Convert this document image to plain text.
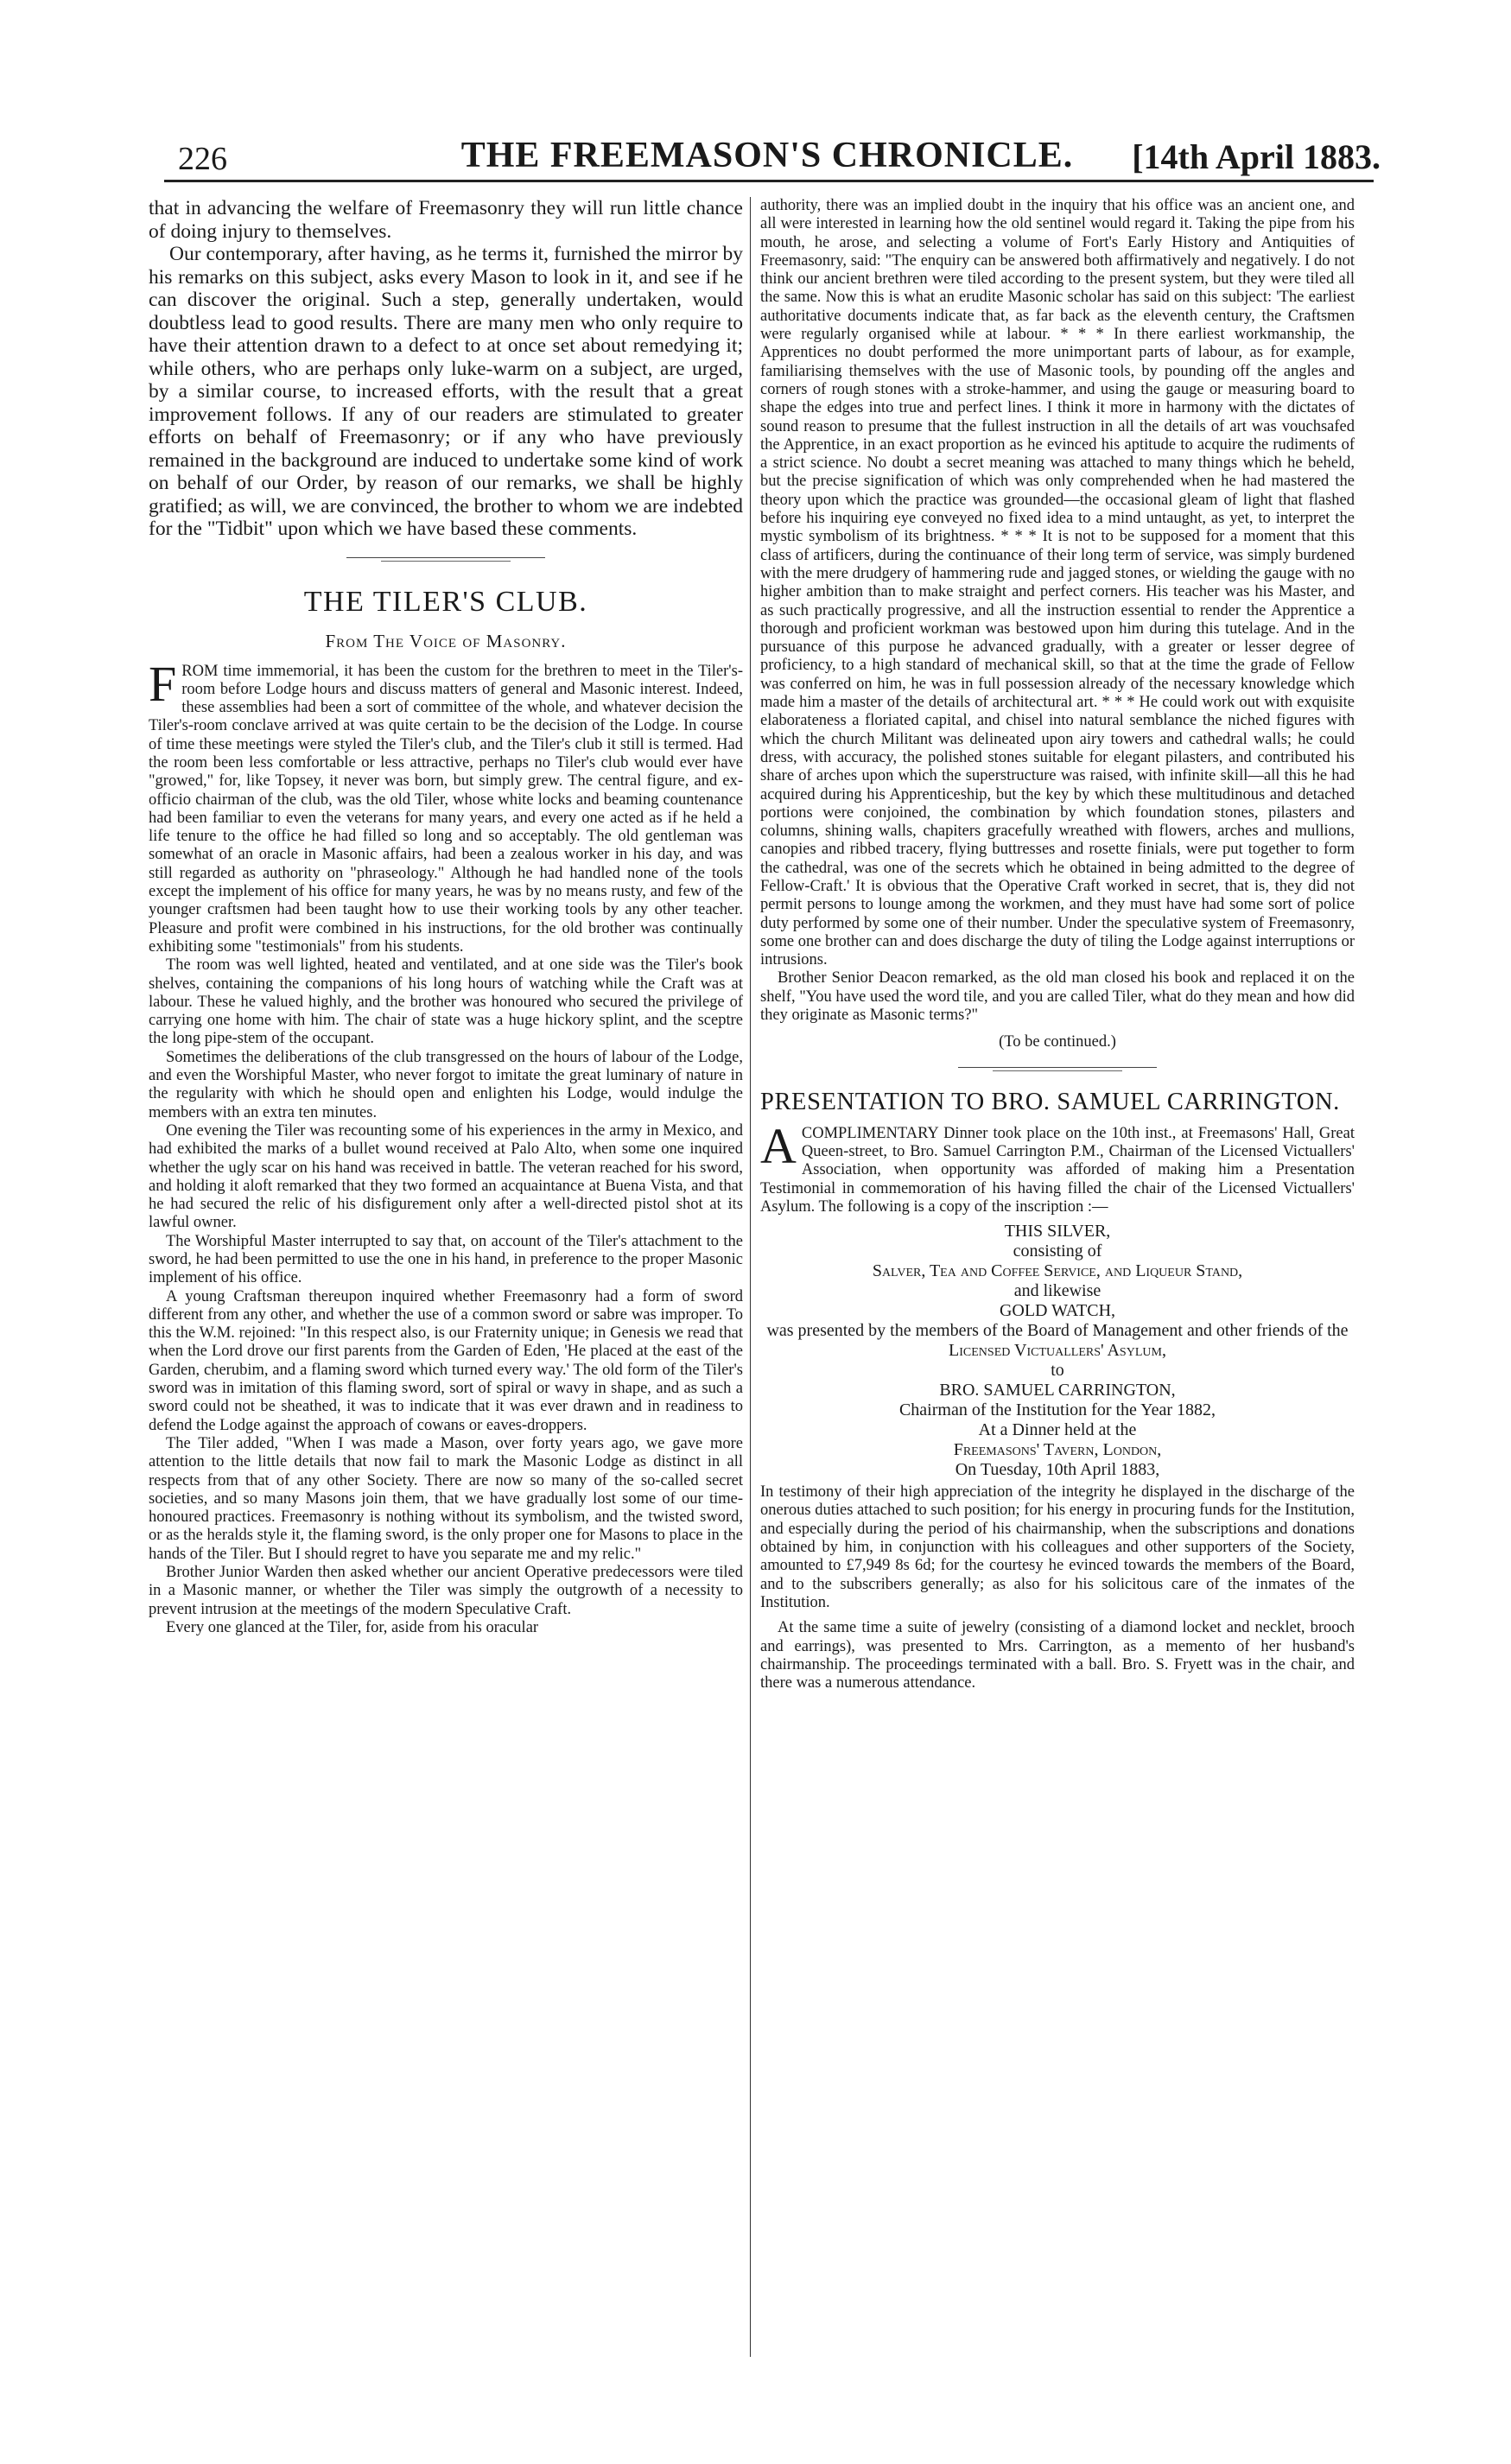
226	THE FREEMASON'S CHRONICLE.	[14th April 1883.

that in advancing the welfare of Freemasonry they will run little chance of doing injury to themselves.

Our contemporary, after having, as he terms it, furnished the mirror by his remarks on this subject, asks every Mason to look in it, and see if he can discover the original. Such a step, generally undertaken, would doubtless lead to good results. There are many men who only require to have their attention drawn to a defect to at once set about remedying it; while others, who are perhaps only luke-warm on a subject, are urged, by a similar course, to increased efforts, with the result that a great improvement follows. If any of our readers are stimulated to greater efforts on behalf of Freemasonry; or if any who have previously remained in the background are induced to undertake some kind of work on behalf of our Order, by reason of our remarks, we shall be highly gratified; as will, we are convinced, the brother to whom we are indebted for the "Tidbit" upon which we have based these comments.

THE TILER'S CLUB.
From The Voice of Masonry.

FROM time immemorial, it has been the custom for the brethren to meet in the Tiler's-room before Lodge hours and discuss matters of general and Masonic interest. Indeed, these assemblies had been a sort of committee of the whole, and whatever decision the Tiler's-room conclave arrived at was quite certain to be the decision of the Lodge. In course of time these meetings were styled the Tiler's club, and the Tiler's club it still is termed. Had the room been less comfortable or less attractive, perhaps no Tiler's club would ever have "growed," for, like Topsey, it never was born, but simply grew. The central figure, and ex-officio chairman of the club, was the old Tiler, whose white locks and beaming countenance had been familiar to even the veterans for many years, and every one acted as if he held a life tenure to the office he had filled so long and so acceptably. The old gentleman was somewhat of an oracle in Masonic affairs, had been a zealous worker in his day, and was still regarded as authority on "phraseology." Although he had handled none of the tools except the implement of his office for many years, he was by no means rusty, and few of the younger craftsmen had been taught how to use their working tools by any other teacher. Pleasure and profit were combined in his instructions, for the old brother was continually exhibiting some "testimonials" from his students.

The room was well lighted, heated and ventilated, and at one side was the Tiler's book shelves, containing the companions of his long hours of watching while the Craft was at labour. These he valued highly, and the brother was honoured who secured the privilege of carrying one home with him. The chair of state was a huge hickory splint, and the sceptre the long pipe-stem of the occupant.

Sometimes the deliberations of the club transgressed on the hours of labour of the Lodge, and even the Worshipful Master, who never forgot to imitate the great luminary of nature in the regularity with which he should open and enlighten his Lodge, would indulge the members with an extra ten minutes.

One evening the Tiler was recounting some of his experiences in the army in Mexico, and had exhibited the marks of a bullet wound received at Palo Alto, when some one inquired whether the ugly scar on his hand was received in battle. The veteran reached for his sword, and holding it aloft remarked that they two formed an acquaintance at Buena Vista, and that he had secured the relic of his disfigurement only after a well-directed pistol shot at its lawful owner.

The Worshipful Master interrupted to say that, on account of the Tiler's attachment to the sword, he had been permitted to use the one in his hand, in preference to the proper Masonic implement of his office.

A young Craftsman thereupon inquired whether Freemasonry had a form of sword different from any other, and whether the use of a common sword or sabre was improper. To this the W.M. rejoined: "In this respect also, is our Fraternity unique; in Genesis we read that when the Lord drove our first parents from the Garden of Eden, 'He placed at the east of the Garden, cherubim, and a flaming sword which turned every way.' The old form of the Tiler's sword was in imitation of this flaming sword, sort of spiral or wavy in shape, and as such a sword could not be sheathed, it was to indicate that it was ever drawn and in readiness to defend the Lodge against the approach of cowans or eaves-droppers.

The Tiler added, "When I was made a Mason, over forty years ago, we gave more attention to the little details that now fail to mark the Masonic Lodge as distinct in all respects from that of any other Society. There are now so many of the so-called secret societies, and so many Masons join them, that we have gradually lost some of our time-honoured practices. Freemasonry is nothing without its symbolism, and the twisted sword, or as the heralds style it, the flaming sword, is the only proper one for Masons to place in the hands of the Tiler. But I should regret to have you separate me and my relic."

Brother Junior Warden then asked whether our ancient Operative predecessors were tiled in a Masonic manner, or whether the Tiler was simply the outgrowth of a necessity to prevent intrusion at the meetings of the modern Speculative Craft.

Every one glanced at the Tiler, for, aside from his oracular

authority, there was an implied doubt in the inquiry that his office was an ancient one, and all were interested in learning how the old sentinel would regard it. Taking the pipe from his mouth, he arose, and selecting a volume of Fort's Early History and Antiquities of Freemasonry, said: "The enquiry can be answered both affirmatively and negatively. I do not think our ancient brethren were tiled according to the present system, but they were tiled all the same. Now this is what an erudite Masonic scholar has said on this subject: 'The earliest authoritative documents indicate that, as far back as the eleventh century, the Craftsmen were regularly organised while at labour. * * * In there earliest workmanship, the Apprentices no doubt performed the more unimportant parts of labour, as for example, familiarising themselves with the use of Masonic tools, by pounding off the angles and corners of rough stones with a stroke-hammer, and using the gauge or measuring board to shape the edges into true and perfect lines. I think it more in harmony with the dictates of sound reason to presume that the fullest instruction in all the details of art was vouchsafed the Apprentice, in an exact proportion as he evinced his aptitude to acquire the rudiments of a strict science. No doubt a secret meaning was attached to many things which he beheld, but the precise signification of which was only comprehended when he had mastered the theory upon which the practice was grounded—the occasional gleam of light that flashed before his inquiring eye conveyed no fixed idea to a mind untaught, as yet, to interpret the mystic symbolism of its brightness. * * * It is not to be supposed for a moment that this class of artificers, during the continuance of their long term of service, was simply burdened with the mere drudgery of hammering rude and jagged stones, or wielding the gauge with no higher ambition than to make straight and perfect corners. His teacher was his Master, and as such practically progressive, and all the instruction essential to render the Apprentice a thorough and proficient workman was bestowed upon him during this tutelage. And in the pursuance of this purpose he advanced gradually, with a greater or lesser degree of proficiency, to a high standard of mechanical skill, so that at the time the grade of Fellow was conferred on him, he was in full possession already of the necessary knowledge which made him a master of the details of architectural art. * * * He could work out with exquisite elaborateness a floriated capital, and chisel into natural semblance the niched figures with which the church Militant was delineated upon airy towers and cathedral walls; he could dress, with accuracy, the polished stones suitable for elegant pilasters, and contributed his share of arches upon which the superstructure was raised, with infinite skill—all this he had acquired during his Apprenticeship, but the key by which these multitudinous and detached portions were conjoined, the combination by which foundation stones, pilasters and columns, shining walls, chapiters gracefully wreathed with flowers, arches and mullions, canopies and ribbed tracery, flying buttresses and rosette finials, were put together to form the cathedral, was one of the secrets which he obtained in being admitted to the degree of Fellow-Craft.' It is obvious that the Operative Craft worked in secret, that is, they did not permit persons to lounge among the workmen, and they must have had some sort of police duty performed by some one of their number. Under the speculative system of Freemasonry, some one brother can and does discharge the duty of tiling the Lodge against interruptions or intrusions.

Brother Senior Deacon remarked, as the old man closed his book and replaced it on the shelf, "You have used the word tile, and you are called Tiler, what do they mean and how did they originate as Masonic terms?"

(To be continued.)

PRESENTATION TO BRO. SAMUEL CARRINGTON.

ACOMPLIMENTARY Dinner took place on the 10th inst., at Freemasons' Hall, Great Queen-street, to Bro. Samuel Carrington P.M., Chairman of the Licensed Victuallers' Association, when opportunity was afforded of making him a Presentation Testimonial in commemoration of his having filled the chair of the Licensed Victuallers' Asylum. The following is a copy of the inscription :—

THIS SILVER,

consisting of

Salver, Tea and Coffee Service, and Liqueur Stand,

and likewise

GOLD WATCH,

was presented by the members of the Board of Management and other friends of the

Licensed Victuallers' Asylum,

to

BRO. SAMUEL CARRINGTON,

Chairman of the Institution for the Year 1882,

At a Dinner held at the

Freemasons' Tavern, London,

On Tuesday, 10th April 1883,

In testimony of their high appreciation of the integrity he displayed in the discharge of the onerous duties attached to such position; for his energy in procuring funds for the Institution, and especially during the period of his chairmanship, when the subscriptions and donations obtained by him, in conjunction with his colleagues and other supporters of the Society, amounted to £7,949 8s 6d; for the courtesy he evinced towards the members of the Board, and to the subscribers generally; as also for his solicitous care of the inmates of the Institution.

At the same time a suite of jewelry (consisting of a diamond locket and necklet, brooch and earrings), was presented to Mrs. Carrington, as a memento of her husband's chairmanship. The proceedings terminated with a ball. Bro. S. Fryett was in the chair, and there was a numerous attendance.
